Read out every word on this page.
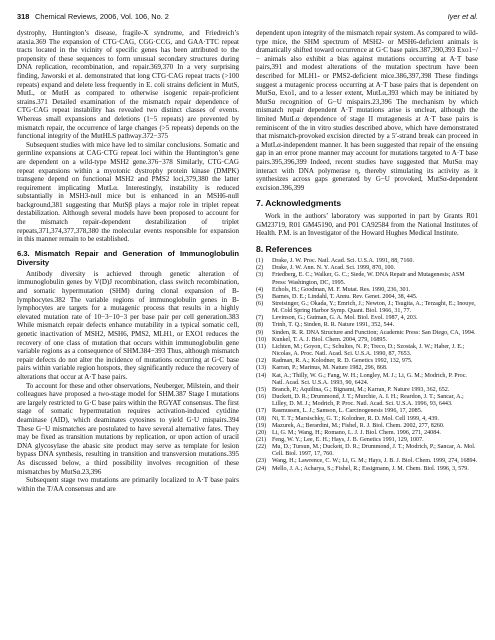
318 Chemical Reviews, 2006, Vol. 106, No. 2	Iyer et al.

dystrophy, Huntington’s disease, fragile-X syndrome, and Friedreich’s ataxia.369 The expansion of CTG·CAG, CGG·CCG, and GAA·TTC repeat tracts located in the vicinity of specific genes has been attributed to the propensity of these sequences to form unusual secondary structures during DNA replication, recombination, and repair.369,370 In a very surprising finding, Jaworski et al. demonstrated that long CTG·CAG repeat tracts (>100 repeats) expand and delete less frequently in E. coli strains deficient in MutS, MutL, or MutH as compared to otherwise isogenic repair-proficient strains.371 Detailed examination of the mismatch repair dependence of CTG·CAG repeat instability has revealed two distinct classes of events. Whereas small expansions and deletions (1−5 repeats) are prevented by mismatch repair, the occurrence of large changes (>5 repeats) depends on the functional integrity of the MutHLS pathway.372−375

Subsequent studies with mice have led to similar conclusions. Somatic and germline expansions at CAG·CTG repeat loci within the Huntington’s gene are dependent on a wild-type MSH2 gene.376−378 Similarly, CTG·CAG repeat expansions within a myotonic dystrophy protein kinase (DMPK) transgene depend on functional MSH2 and PMS2 loci,379,380 the latter requirement implicating MutLα. Interestingly, instability is reduced substantially in MSH3-null mice but is enhanced in an MSH6-null background,381 suggesting that MutSβ plays a major role in triplet repeat destabilization. Although several models have been proposed to account for the mismatch repair-dependent destabilization of triplet repeats,371,374,377,378,380 the molecular events responsible for expansion in this manner remain to be established.

6.3. Mismatch Repair and Generation of Immunoglobulin Diversity

Antibody diversity is achieved through genetic alteration of immunoglobulin genes by V(D)J recombination, class switch recombination, and somatic hypermutation (SHM) during clonal expansion of B-lymphocytes.382 The variable regions of immunoglobulin genes in B-lymphocytes are targets for a mutagenic process that results in a highly elevated mutation rate of 10−3−10−3 per base pair per cell generation.383 While mismatch repair defects enhance mutability in a typical somatic cell, genetic inactivation of MSH2, MSH6, PMS2, MLH1, or EXO1 reduces the recovery of one class of mutation that occurs within immunoglobulin gene variable regions as a consequence of SHM.384−393 Thus, although mismatch repair defects do not alter the incidence of mutations occurring at G·C base pairs within variable region hotspots, they significantly reduce the recovery of alterations that occur at A·T base pairs.

To account for these and other observations, Neuberger, Milstein, and their colleagues have proposed a two-stage model for SHM.387 Stage I mutations are largely restricted to G·C base pairs within the RGYAT consensus. The first stage of somatic hypermutation requires activation-induced cytidine deaminase (AID), which deaminates cytosines to yield G·U mispairs.394 These G−U mismatches are postulated to have several alternative fates. They may be fixed as transition mutations by replication, or upon action of uracil DNA glycosylase the abasic site product may serve as template for lesion bypass DNA synthesis, resulting in transition and transversion mutations.395 As discussed below, a third possibility involves recognition of these mismatches by MutSα.23,396

Subsequent stage two mutations are primarily localized to A·T base pairs within the T/AA consensus and are

dependent upon integrity of the mismatch repair system. As compared to wild-type mice, the SHM spectrum of MSH2- or MSH6-deficient animals is dramatically shifted toward occurrence at G·C base pairs.387,390,393 Exo1−/− animals also exhibit a bias against mutations occurring at A·T base pairs,391 and modest alterations of the mutation spectrum have been described for MLH1- or PMS2-deficient mice.386,397,398 These findings suggest a mutagenic process occurring at A·T base pairs that is dependent on MutSα, Exo1, and to a lesser extent, MutLα,393 which may be initiated by MutSα recognition of G−U mispairs.23,396 The mechanism by which mismatch repair dependent A·T mutations arise is unclear, although the limited MutLα dependence of stage II mutagenesis at A·T base pairs is reminiscent of the in vitro studies described above, which have demonstrated that mismatch-provoked excision directed by a 5′-strand break can proceed in a MutLα-independent manner. It has been suggested that repair of the ensuing gap in an error prone manner may account for mutations targeted to A·T base pairs.395,396,399 Indeed, recent studies have suggested that MutSα may interact with DNA polymerase η, thereby stimulating its activity as it synthesizes across gaps generated by G−U provoked, MutSα-dependent excision.396,399

7. Acknowledgments

Work in the authors’ laboratory was supported in part by Grants R01 GM23719, R01 GM45190, and P01 CA92584 from the National Institutes of Health. P.M. is an Investigator of the Howard Hughes Medical Institute.

8. References
(1) Drake, J. W. Proc. Natl. Acad. Sci. U.S.A. 1991, 88, 7160.
(2) Drake, J. W. Ann. N. Y. Acad. Sci. 1999, 870, 100.
(3) Friedberg, E. C.; Walker, G. C.; Siede, W. DNA Repair and Mutagenesis; ASM Press: Washington, DC, 1995.
(4) Echols, H.; Goodman, M. F. Mutat. Res. 1990, 236, 301.
(5) Barnes, D. E.; Lindahl, T. Annu. Rev. Genet. 2004, 38, 445.
(6) Streisinger, G.; Okada, Y.; Emrich, J.; Newton, J.; Tsugita, A.; Terzaghi, E.; Inouye, M. Cold Spring Harbor Symp. Quant. Biol. 1966, 31, 77.
(7) Levinson, G.; Gutman, G. A. Mol. Biol. Evol. 1987, 4, 203.
(8) Trinh, T. Q.; Sinden, R. R. Nature 1991, 352, 544.
(9) Sinden, R. R. DNA Structure and Function; Academic Press: San Diego, CA, 1994.
(10) Kunkel, T. A. J. Biol. Chem. 2004, 279, 16895.
(11) Lichten, M.; Goyon, C.; Schultes, N. P.; Treco, D.; Szostak, J. W.; Haber, J. E.; Nicolas, A. Proc. Natl. Acad. Sci. U.S.A. 1990, 87, 7653.
(12) Radman, R. A.; Kolodner, R. D. Genetics 1992, 132, 975.
(13) Karran, P.; Marinus, M. Nature 1982, 296, 868.
(14) Kat, A.; Thilly, W. G.; Fang, W. H.; Longley, M. J.; Li, G. M.; Modrich, P. Proc. Natl. Acad. Sci. U.S.A. 1993, 90, 6424.
(15) Branch, P.; Aquilina, G.; Bignami, M.; Karran, P. Nature 1993, 362, 652.
(16) Duckett, D. R.; Drummond, J. T.; Murchie, A. I. H.; Reardon, J. T.; Sancar, A.; Lilley, D. M. J.; Modrich, P. Proc. Natl. Acad. Sci. U.S.A. 1996, 93, 6443.
(17) Rasmussen, L. J.; Samson, L. Carcinogenesis 1996, 17, 2085.
(18) Ni, T. T.; Marsischky, G. T.; Kolodner, R. D. Mol. Cell 1999, 4, 439.
(19) Mazurek, A.; Berardini, M.; Fishel, R. J. Biol. Chem. 2002, 277, 8260.
(20) Li, G. M.; Wang, H.; Romano, L. J. J. Biol. Chem. 1996, 271, 24084.
(21) Feng, W. Y.; Lee, E. H.; Hays, J. B. Genetics 1991, 129, 1007.
(22) Mu, D.; Tursun, M.; Duckett, D. R.; Drummond, J. T.; Modrich, P.; Sancar, A. Mol. Cell. Biol. 1997, 17, 760.
(23) Wang, H.; Lawrence, C. W.; Li, G. M.; Hays, J. B. J. Biol. Chem. 1999, 274, 16894.
(24) Mello, J. A.; Acharya, S.; Fishel, R.; Essigmann, J. M. Chem. Biol. 1996, 3, 579.
